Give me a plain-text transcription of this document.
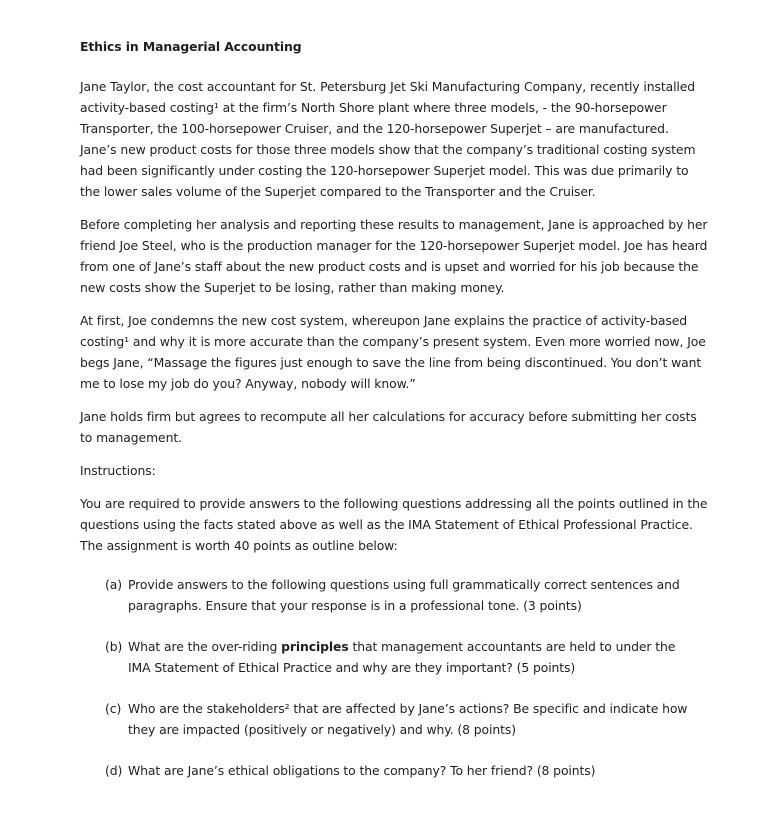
Ethics in Managerial Accounting

Jane Taylor, the cost accountant for St. Petersburg Jet Ski Manufacturing Company, recently installed activity-based costing¹ at the firm’s North Shore plant where three models, - the 90-horsepower Transporter, the 100-horsepower Cruiser, and the 120-horsepower Superjet – are manufactured. Jane’s new product costs for those three models show that the company’s traditional costing system had been significantly under costing the 120-horsepower Superjet model. This was due primarily to the lower sales volume of the Superjet compared to the Transporter and the Cruiser.

Before completing her analysis and reporting these results to management, Jane is approached by her friend Joe Steel, who is the production manager for the 120-horsepower Superjet model. Joe has heard from one of Jane’s staff about the new product costs and is upset and worried for his job because the new costs show the Superjet to be losing, rather than making money.

At first, Joe condemns the new cost system, whereupon Jane explains the practice of activity-based costing¹ and why it is more accurate than the company’s present system. Even more worried now, Joe begs Jane, “Massage the figures just enough to save the line from being discontinued. You don’t want me to lose my job do you? Anyway, nobody will know.”

Jane holds firm but agrees to recompute all her calculations for accuracy before submitting her costs to management.

Instructions:

You are required to provide answers to the following questions addressing all the points outlined in the questions using the facts stated above as well as the IMA Statement of Ethical Professional Practice. The assignment is worth 40 points as outline below:

(a) Provide answers to the following questions using full grammatically correct sentences and paragraphs. Ensure that your response is in a professional tone. (3 points)
(b) What are the over-riding principles that management accountants are held to under the IMA Statement of Ethical Practice and why are they important? (5 points)
(c) Who are the stakeholders² that are affected by Jane’s actions? Be specific and indicate how they are impacted (positively or negatively) and why. (8 points)
(d) What are Jane’s ethical obligations to the company? To her friend? (8 points)
